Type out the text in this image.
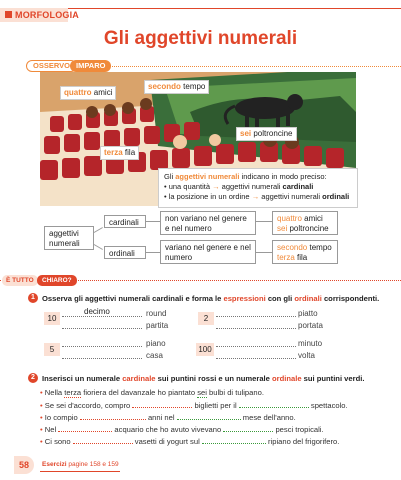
MORFOLOGIA
Gli aggettivi numerali
OSSERVO IMPARO
quattro amici
secondo tempo
sei poltroncine
terza fila
Gli aggettivi numerali indicano in modo preciso:
• una quantità → aggettivi numerali cardinali
• la posizione in un ordine → aggettivi numerali ordinali
aggettivi numerali
cardinali	non variano nel genere e nel numero
quattro amici
sei poltroncine
ordinali
variano nel genere e nel numero
secondo tempo
terza fila
È TUTTO	CHIARO?
1 Osserva gli aggettivi numerali cardinali e forma le espressioni con gli ordinali corrispondenti.
10
decimo	round
partita
2
piatto
portata
5
piano
casa
100
minuto
volta
2 Inserisci un numerale cardinale sui puntini rossi e un numerale ordinale sui puntini verdi.
• Nella terza fioriera del davanzale ho piantato sei bulbi di tulipano.
• Se sei d'accordo, compro	biglietti per il	spettacolo.
• Io compio	anni nel	mese dell'anno.
• Nel	acquario che ho avuto vivevano	pesci tropicali.
• Ci sono	vasetti di yogurt sul	ripiano del frigorifero.
58	Esercizi pagine 158 e 159
